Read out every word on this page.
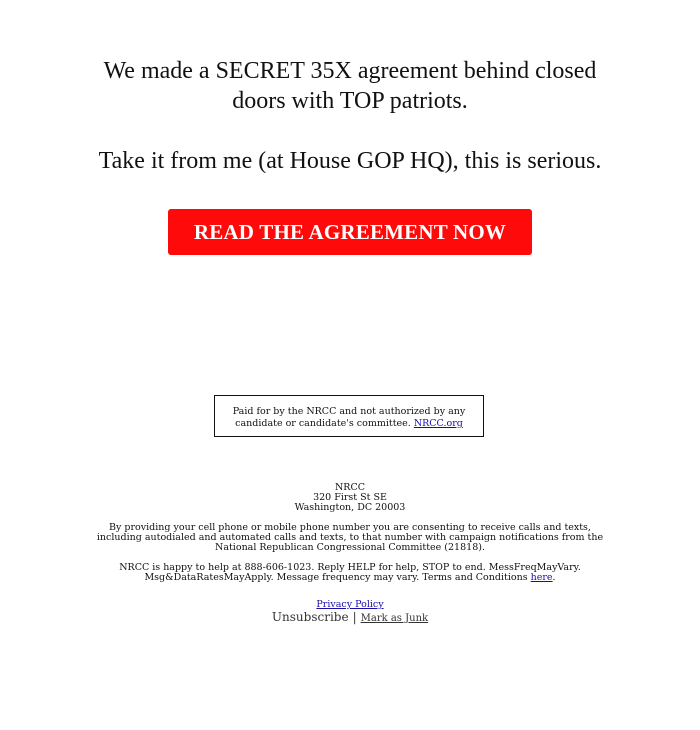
We made a SECRET 35X agreement behind closed

doors with TOP patriots.

Take it from me (at House GOP HQ), this is serious.

READ THE AGREEMENT NOW
Paid for by the NRCC and not authorized by any
candidate or candidate's committee. NRCC.org
NRCC
320 First St SE
Washington, DC 20003

By providing your cell phone or mobile phone number you are consenting to receive calls and texts, including autodialed and automated calls and texts, to that number with campaign notifications from the National Republican Congressional Committee (21818).

NRCC is happy to help at 888-606-1023. Reply HELP for help, STOP to end. MessFreqMayVary. Msg&DataRatesMayApply. Message frequency may vary. Terms and Conditions here.

Privacy Policy

Unsubscribe | Mark as Junk
